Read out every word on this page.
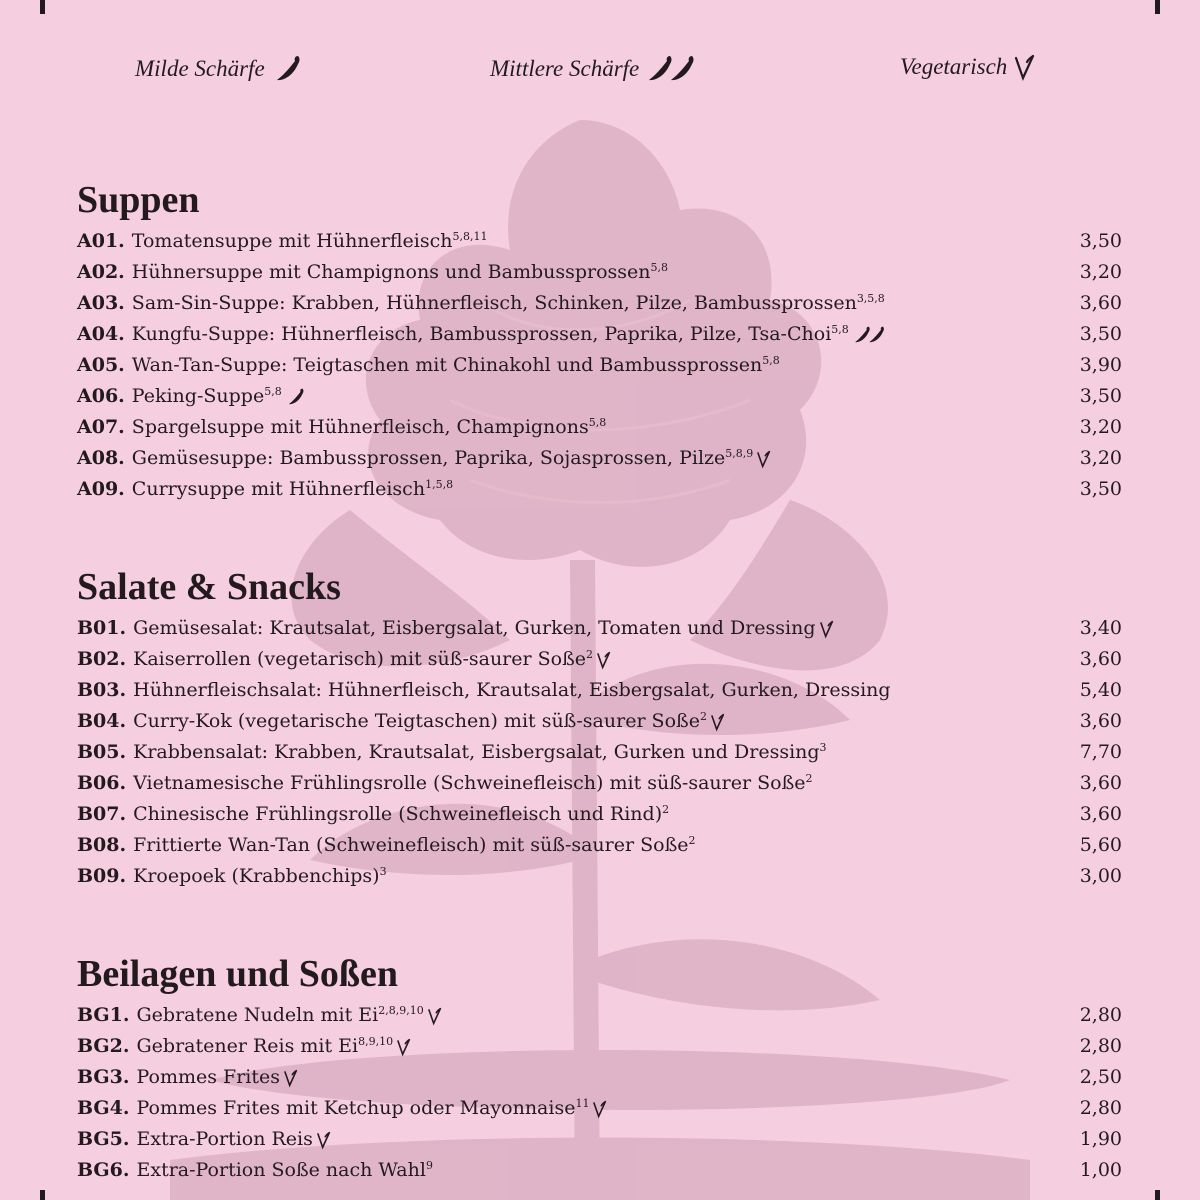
Milde Schärfe	Mittlere Schärfe	Vegetarisch
Suppen
A01. Tomatensuppe mit Hühnerfleisch$^{5,8,11}$	3,50
A02. Hühnersuppe mit Champignons und Bambussprossen$^{5,8}$	3,20
A03. Sam-Sin-Suppe: Krabben, Hühnerfleisch, Schinken, Pilze, Bambussprossen$^{3,5,8}$	3,60
A04. Kungfu-Suppe: Hühnerfleisch, Bambussprossen, Paprika, Pilze, Tsa-Choi$^{5,8}$	3,50
A05. Wan-Tan-Suppe: Teigtaschen mit Chinakohl und Bambussprossen$^{5,8}$	3,90
A06. Peking-Suppe$^{5,8}$	3,50
A07. Spargelsuppe mit Hühnerfleisch, Champignons$^{5,8}$	3,20
A08. Gemüsesuppe: Bambussprossen, Paprika, Sojasprossen, Pilze$^{5,8,9}$	3,20
A09. Currysuppe mit Hühnerfleisch$^{1,5,8}$	3,50
Salate & Snacks
B01. Gemüsesalat: Krautsalat, Eisbergsalat, Gurken, Tomaten und Dressing	3,40
B02. Kaiserrollen (vegetarisch) mit süß-saurer Soße$^2$	3,60
B03. Hühnerfleischsalat: Hühnerfleisch, Krautsalat, Eisbergsalat, Gurken, Dressing	5,40
B04. Curry-Kok (vegetarische Teigtaschen) mit süß-saurer Soße$^2$	3,60
B05. Krabbensalat: Krabben, Krautsalat, Eisbergsalat, Gurken und Dressing$^3$	7,70
B06. Vietnamesische Frühlingsrolle (Schweinefleisch) mit süß-saurer Soße$^2$	3,60
B07. Chinesische Frühlingsrolle (Schweinefleisch und Rind)$^2$	3,60
B08. Frittierte Wan-Tan (Schweinefleisch) mit süß-saurer Soße$^2$	5,60
B09. Kroepoek (Krabbenchips)$^3$	3,00
Beilagen und Soßen
BG1. Gebratene Nudeln mit Ei$^{2,8,9,10}$	2,80
BG2. Gebratener Reis mit Ei$^{8,9,10}$	2,80
BG3. Pommes Frites	2,50
BG4. Pommes Frites mit Ketchup oder Mayonnaise$^{11}$	2,80
BG5. Extra-Portion Reis	1,90
BG6. Extra-Portion Soße nach Wahl$^9$	1,00
